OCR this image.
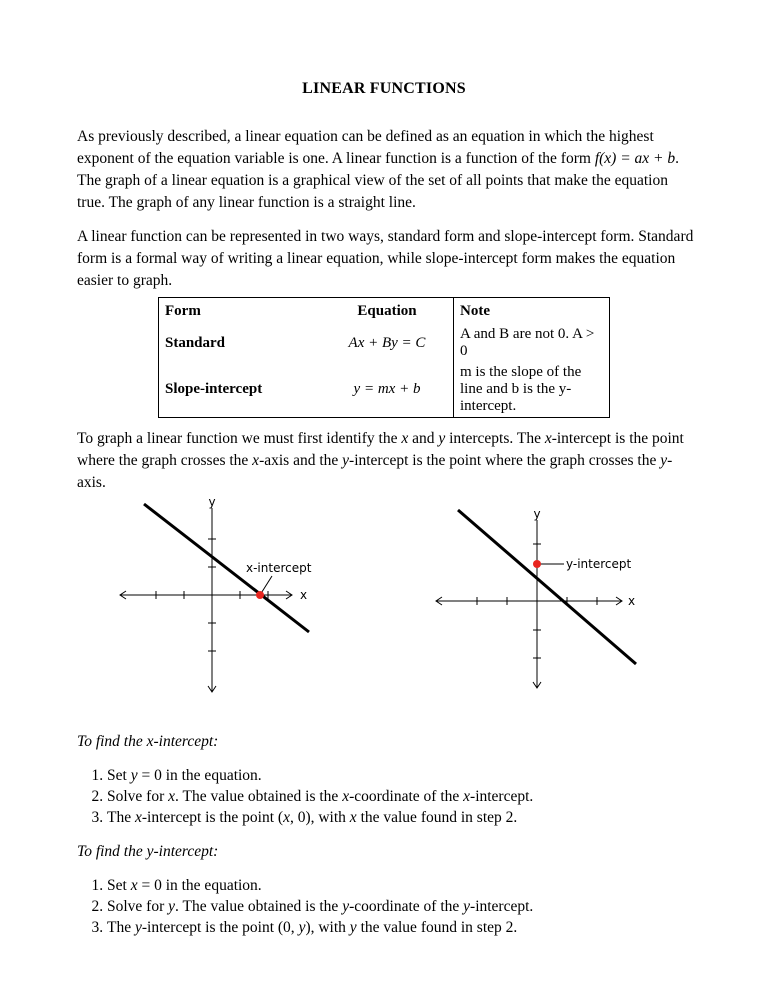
LINEAR FUNCTIONS

As previously described, a linear equation can be defined as an equation in which the highest exponent of the equation variable is one. A linear function is a function of the form f(x) = ax + b. The graph of a linear equation is a graphical view of the set of all points that make the equation true. The graph of any linear function is a straight line.

A linear function can be represented in two ways, standard form and slope-intercept form. Standard form is a formal way of writing a linear equation, while slope-intercept form makes the equation easier to graph.

Form	Equation	Note
Standard	Ax + By = C	A and B are not 0. A > 0
Slope-intercept	y = mx + b	m is the slope of the line and b is the y-intercept.

To graph a linear function we must first identify the x and y intercepts. The x-intercept is the point where the graph crosses the x-axis and the y-intercept is the point where the graph crosses the y-axis.

y
x
x-intercept
y
x
y-intercept

To find the x-intercept:

1. Set y = 0 in the equation.
2. Solve for x. The value obtained is the x-coordinate of the x-intercept.
3. The x-intercept is the point (x, 0), with x the value found in step 2.

To find the y-intercept:

1. Set x = 0 in the equation.
2. Solve for y. The value obtained is the y-coordinate of the y-intercept.
3. The y-intercept is the point (0, y), with y the value found in step 2.
